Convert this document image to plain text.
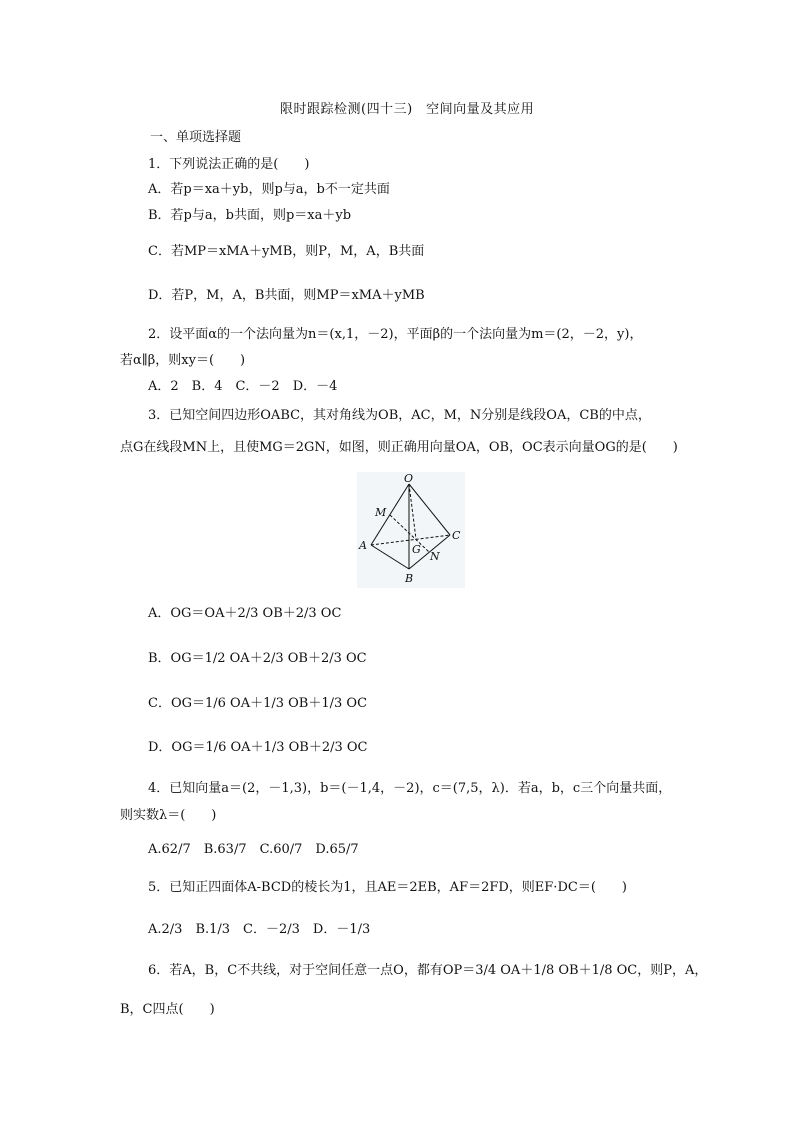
限时跟踪检测(四十三)　空间向量及其应用
一、单项选择题
1．下列说法正确的是(　　)
A．若p＝xa＋yb，则p与a，b不一定共面
B．若p与a，b共面，则p＝xa＋yb
C．若MP＝xMA＋yMB，则P，M，A，B共面
D．若P，M，A，B共面，则MP＝xMA＋yMB
2．设平面α的一个法向量为n＝(x,1，－2)，平面β的一个法向量为m＝(2，－2，y)，
若α∥β，则xy＝(　　)
A．2　B．4　C．－2　D．－4
3．已知空间四边形OABC，其对角线为OB，AC，M，N分别是线段OA，CB的中点，
点G在线段MN上，且使MG＝2GN，如图，则正确用向量OA，OB，OC表示向量OG的是(　　)
O
M
A	G
N
C
B
A．OG＝OA＋2/3 OB＋2/3 OC
B．OG＝1/2 OA＋2/3 OB＋2/3 OC
C．OG＝1/6 OA＋1/3 OB＋1/3 OC
D．OG＝1/6 OA＋1/3 OB＋2/3 OC
4．已知向量a＝(2，－1,3)，b＝(－1,4，－2)，c＝(7,5，λ)．若a，b，c三个向量共面，
则实数λ＝(　　)
A.62/7　B.63/7　C.60/7　D.65/7
5．已知正四面体A-BCD的棱长为1，且AE＝2EB，AF＝2FD，则EF·DC＝(　　)
A.2/3　B.1/3　C．－2/3　D．－1/3
6．若A，B，C不共线，对于空间任意一点O，都有OP＝3/4 OA＋1/8 OB＋1/8 OC，则P，A，
B，C四点(　　)
